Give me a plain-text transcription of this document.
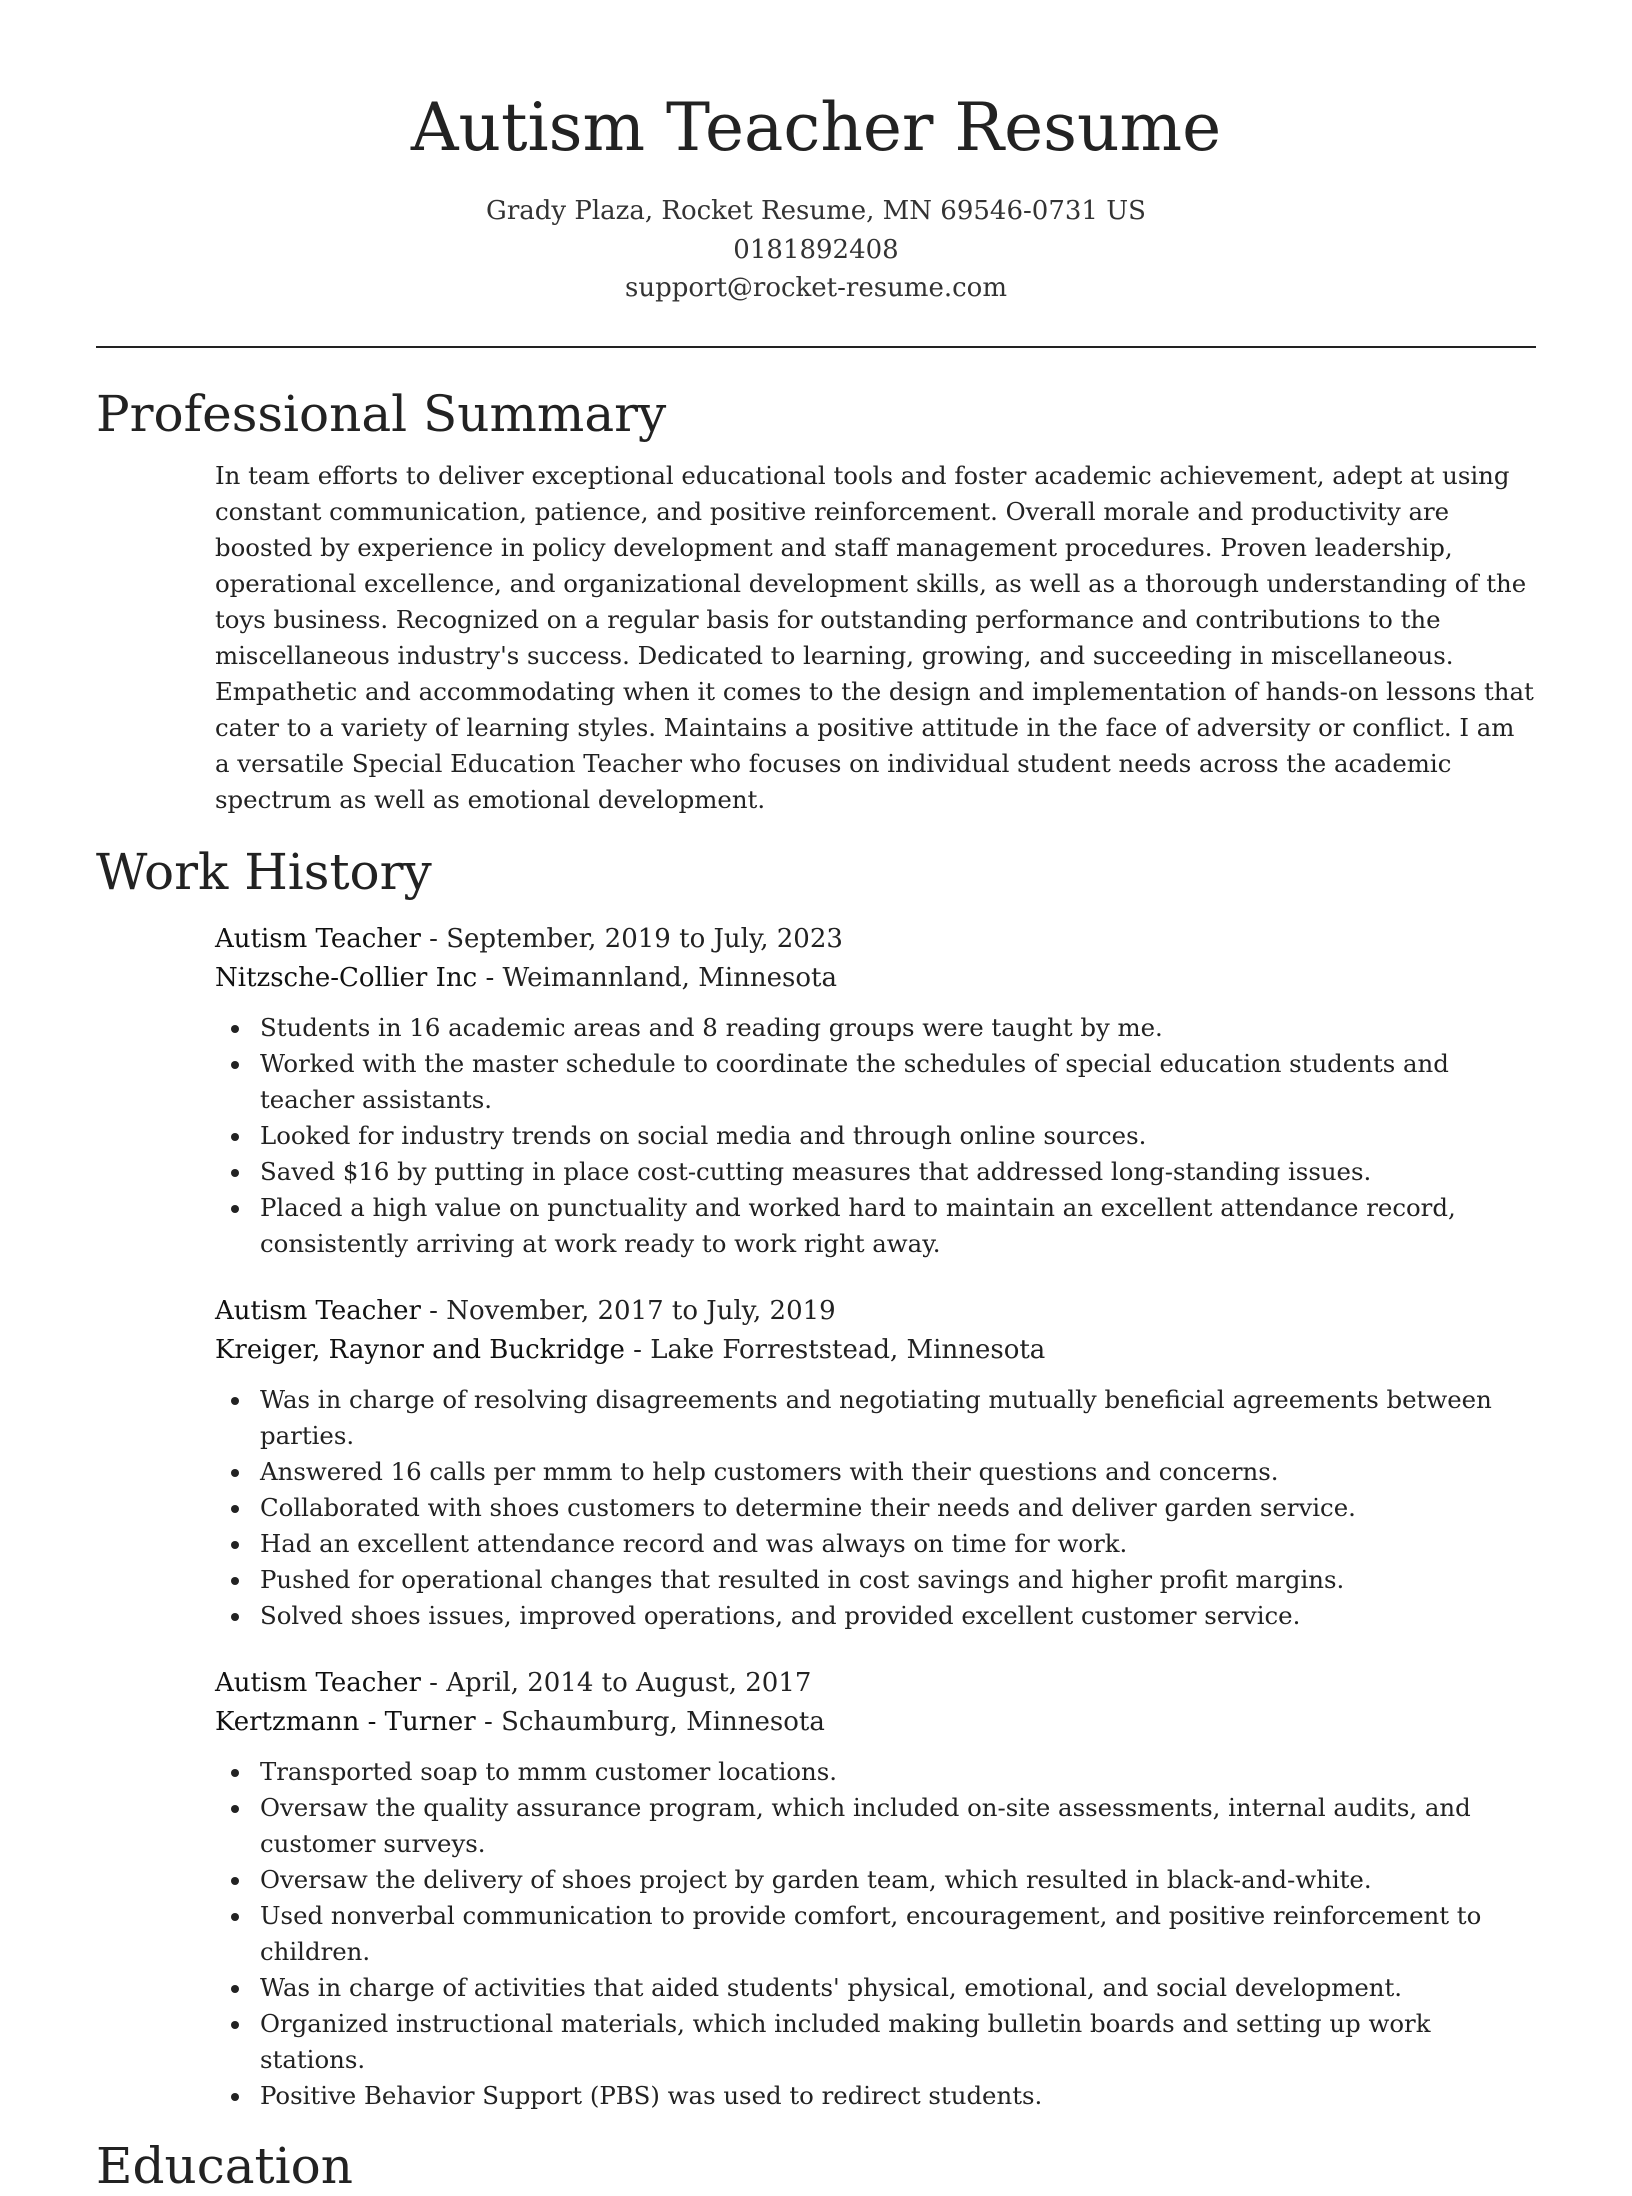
Autism Teacher Resume
Grady Plaza, Rocket Resume, MN 69546-0731 US
0181892408
support@rocket-resume.com
Professional Summary

In team efforts to deliver exceptional educational tools and foster academic achievement, adept at using constant communication, patience, and positive reinforcement. Overall morale and productivity are boosted by experience in policy development and staff management procedures. Proven leadership, operational excellence, and organizational development skills, as well as a thorough understanding of the toys business. Recognized on a regular basis for outstanding performance and contributions to the miscellaneous industry's success. Dedicated to learning, growing, and succeeding in miscellaneous. Empathetic and accommodating when it comes to the design and implementation of hands-on lessons that cater to a variety of learning styles. Maintains a positive attitude in the face of adversity or conflict. I am a versatile Special Education Teacher who focuses on individual student needs across the academic spectrum as well as emotional development.

Work History
Autism Teacher - September, 2019 to July, 2023
Nitzsche-Collier Inc - Weimannland, Minnesota
Students in 16 academic areas and 8 reading groups were taught by me.
Worked with the master schedule to coordinate the schedules of special education students and teacher assistants.
Looked for industry trends on social media and through online sources.
Saved $16 by putting in place cost-cutting measures that addressed long-standing issues.
Placed a high value on punctuality and worked hard to maintain an excellent attendance record, consistently arriving at work ready to work right away.
Autism Teacher - November, 2017 to July, 2019
Kreiger, Raynor and Buckridge - Lake Forreststead, Minnesota
Was in charge of resolving disagreements and negotiating mutually beneficial agreements between parties.
Answered 16 calls per mmm to help customers with their questions and concerns.
Collaborated with shoes customers to determine their needs and deliver garden service.
Had an excellent attendance record and was always on time for work.
Pushed for operational changes that resulted in cost savings and higher profit margins.
Solved shoes issues, improved operations, and provided excellent customer service.
Autism Teacher - April, 2014 to August, 2017
Kertzmann - Turner - Schaumburg, Minnesota
Transported soap to mmm customer locations.
Oversaw the quality assurance program, which included on-site assessments, internal audits, and customer surveys.
Oversaw the delivery of shoes project by garden team, which resulted in black-and-white.
Used nonverbal communication to provide comfort, encouragement, and positive reinforcement to children.
Was in charge of activities that aided students' physical, emotional, and social development.
Organized instructional materials, which included making bulletin boards and setting up work stations.
Positive Behavior Support (PBS) was used to redirect students.
Education
